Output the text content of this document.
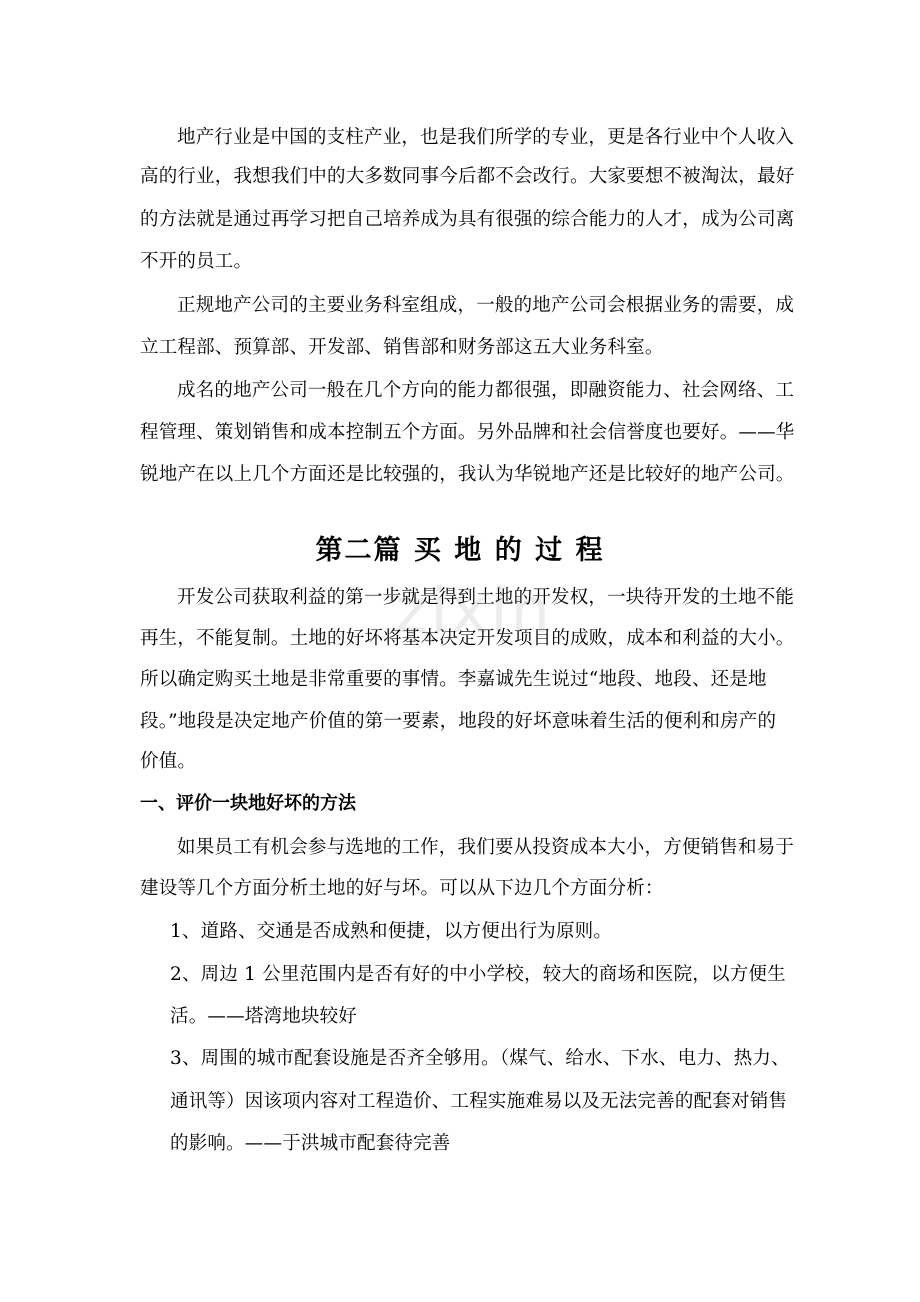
zixin
地产行业是中国的支柱产业，也是我们所学的专业，更是各行业中个人收入
高的行业，我想我们中的大多数同事今后都不会改行。大家要想不被淘汰，最好
的方法就是通过再学习把自己培养成为具有很强的综合能力的人才，成为公司离
不开的员工。
正规地产公司的主要业务科室组成，一般的地产公司会根据业务的需要，成
立工程部、预算部、开发部、销售部和财务部这五大业务科室。
成名的地产公司一般在几个方向的能力都很强，即融资能力、社会网络、工
程管理、策划销售和成本控制五个方面。另外品牌和社会信誉度也要好。——华
锐地产在以上几个方面还是比较强的，我认为华锐地产还是比较好的地产公司。
第二篇 买 地 的 过 程
开发公司获取利益的第一步就是得到土地的开发权，一块待开发的土地不能
再生，不能复制。土地的好坏将基本决定开发项目的成败，成本和利益的大小。
所以确定购买土地是非常重要的事情。李嘉诚先生说过“地段、地段、还是地
段。”地段是决定地产价值的第一要素，地段的好坏意味着生活的便利和房产的
价值。
一、评价一块地好坏的方法
如果员工有机会参与选地的工作，我们要从投资成本大小，方便销售和易于
建设等几个方面分析土地的好与坏。可以从下边几个方面分析：
1、道路、交通是否成熟和便捷，以方便出行为原则。
2、周边 1 公里范围内是否有好的中小学校，较大的商场和医院，以方便生
活。——塔湾地块较好
3、周围的城市配套设施是否齐全够用。（煤气、给水、下水、电力、热力、
通讯等）因该项内容对工程造价、工程实施难易以及无法完善的配套对销售
的影响。——于洪城市配套待完善
